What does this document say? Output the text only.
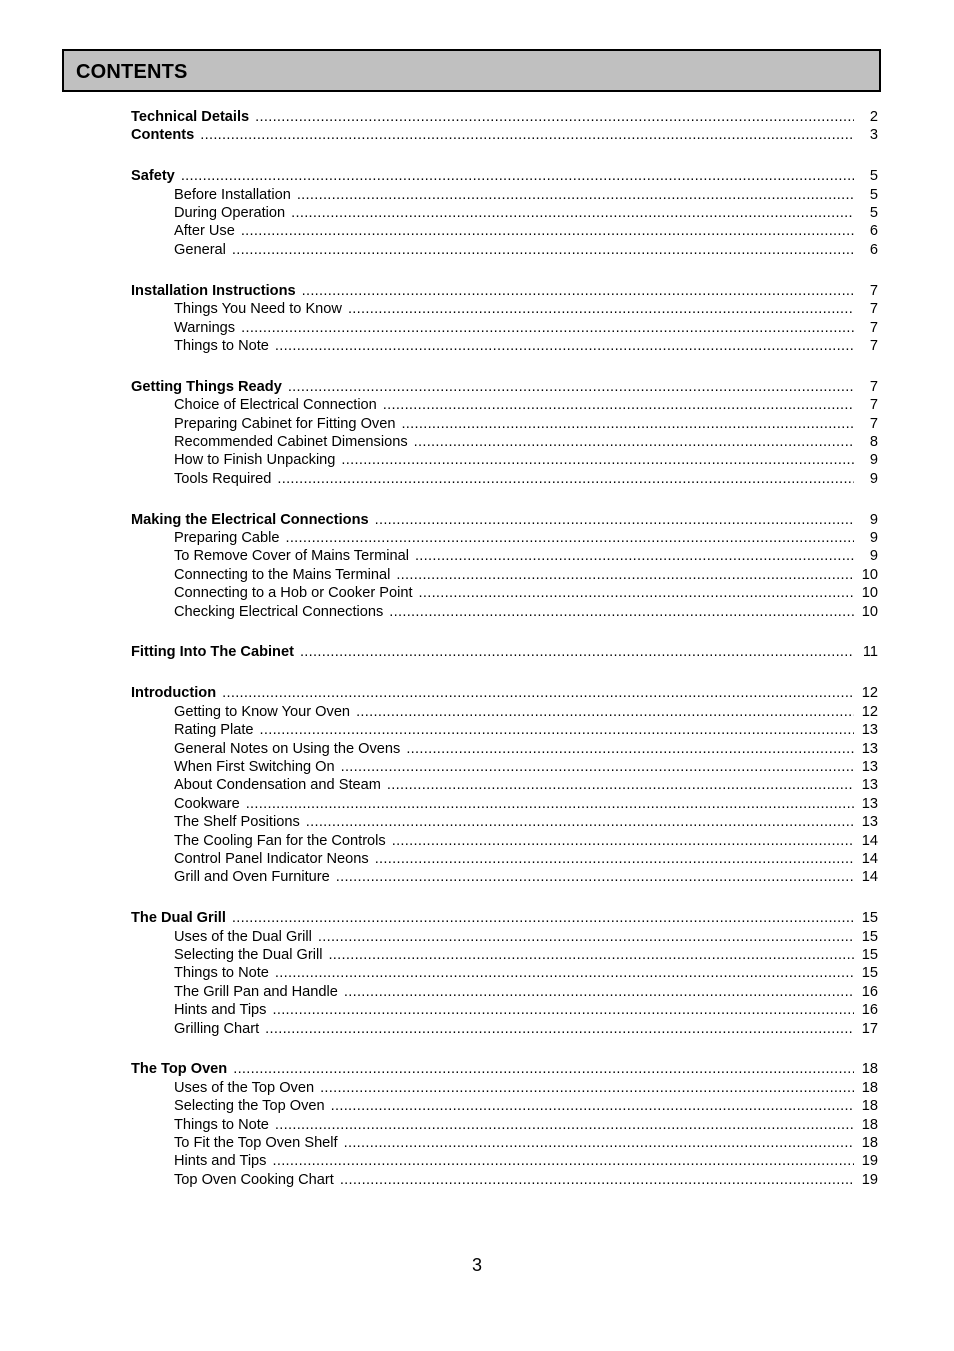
CONTENTS
Technical Details .....	2
Contents .....	3
Safety .....	5
Before Installation .....	5
During Operation .....	5
After Use .....	6
General .....	6
Installation Instructions .....	7
Things You Need to Know .....	7
Warnings .....	7
Things to Note .....	7
Getting Things Ready .....	7
Choice of Electrical Connection .....	7
Preparing Cabinet for Fitting Oven .....	7
Recommended Cabinet Dimensions .....	8
How to Finish Unpacking .....	9
Tools Required .....	9
Making the Electrical Connections .....	9
Preparing Cable .....	9
To Remove Cover of Mains Terminal .....	9
Connecting to the Mains Terminal .....	10
Connecting to a Hob or Cooker Point .....	10
Checking Electrical Connections .....	10
Fitting Into The Cabinet .....	11
Introduction .....	12
Getting to Know Your Oven .....	12
Rating Plate .....	13
General Notes on Using the Ovens .....	13
When First Switching On .....	13
About Condensation and Steam .....	13
Cookware .....	13
The Shelf Positions .....	13
The Cooling Fan for the Controls .....	14
Control Panel Indicator Neons .....	14
Grill and Oven Furniture .....	14
The Dual Grill .....	15
Uses of the Dual Grill .....	15
Selecting the Dual Grill .....	15
Things to Note .....	15
The Grill Pan and Handle .....	16
Hints and Tips .....	16
Grilling Chart .....	17
The Top Oven .....	18
Uses of the Top Oven .....	18
Selecting the Top Oven .....	18
Things to Note .....	18
To Fit the Top Oven Shelf .....	18
Hints and Tips .....	19
Top Oven Cooking Chart .....	19
3
